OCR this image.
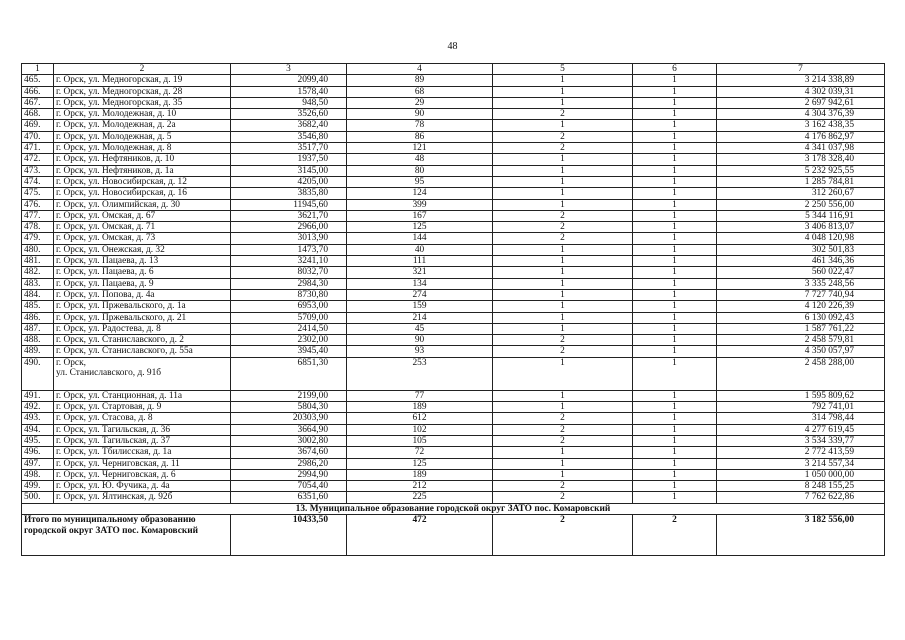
48
1	2	3	4	5	6	7
465.	г. Орск, ул. Медногорская, д. 19	2099,40	89	1	1	3 214 338,89
466.	г. Орск, ул. Медногорская, д. 28	1578,40	68	1	1	4 302 039,31
467.	г. Орск, ул. Медногорская, д. 35	948,50	29	1	1	2 697 942,61
468.	г. Орск, ул. Молодежная, д. 10	3526,60	90	2	1	4 304 376,39
469.	г. Орск, ул. Молодежная, д. 2а	3682,40	78	1	1	3 162 438,35
470.	г. Орск, ул. Молодежная, д. 5	3546,80	86	2	1	4 176 862,97
471.	г. Орск, ул. Молодежная, д. 8	3517,70	121	2	1	4 341 037,98
472.	г. Орск, ул. Нефтяников, д. 10	1937,50	48	1	1	3 178 328,40
473.	г. Орск, ул. Нефтяников, д. 1а	3145,00	80	1	1	5 232 925,55
474.	г. Орск, ул. Новосибирская, д. 12	4205,00	95	1	1	1 285 784,81
475.	г. Орск, ул. Новосибирская, д. 16	3835,80	124	1	1	312 260,67
476.	г. Орск, ул. Олимпийская, д. 30	11945,60	399	1	1	2 250 556,00
477.	г. Орск, ул. Омская, д. 67	3621,70	167	2	1	5 344 116,91
478.	г. Орск, ул. Омская, д. 71	2966,00	125	2	1	3 406 813,07
479.	г. Орск, ул. Омская, д. 73	3013,90	144	2	1	4 048 120,98
480.	г. Орск, ул. Онежская, д. 32	1473,70	40	1	1	302 501,83
481.	г. Орск, ул. Пацаева, д. 13	3241,10	111	1	1	461 346,36
482.	г. Орск, ул. Пацаева, д. 6	8032,70	321	1	1	560 022,47
483.	г. Орск, ул. Пацаева, д. 9	2984,30	134	1	1	3 335 248,56
484.	г. Орск, ул. Попова, д. 4а	8730,80	274	1	1	7 727 740,94
485.	г. Орск, ул. Пржевальского, д. 1а	6953,00	159	1	1	4 120 226,39
486.	г. Орск, ул. Пржевальского, д. 21	5709,00	214	1	1	6 130 092,43
487.	г. Орск, ул. Радостева, д. 8	2414,50	45	1	1	1 587 761,22
488.	г. Орск, ул. Станиславского, д. 2	2302,00	90	2	1	2 458 579,81
489.	г. Орск, ул. Станиславского, д. 55а	3945,40	93	2	1	4 350 057,97
490.	г. Орск,
ул. Станиславского, д. 91б	6851,30	253	1	1	2 458 288,00
491.	г. Орск, ул. Станционная, д. 11а	2199,00	77	1	1	1 595 809,62
492.	г. Орск, ул. Стартовая, д. 9	5804,30	189	1	1	792 741,01
493.	г. Орск, ул. Стасова, д. 8	20303,90	612	2	1	314 798,44
494.	г. Орск, ул. Тагильская, д. 36	3664,90	102	2	1	4 277 619,45
495.	г. Орск, ул. Тагильская, д. 37	3002,80	105	2	1	3 534 339,77
496.	г. Орск, ул. Тбилисская, д. 1а	3674,60	72	1	1	2 772 413,59
497.	г. Орск, ул. Черниговская, д. 11	2986,20	125	1	1	3 214 557,34
498.	г. Орск, ул. Черниговская, д. 6	2994,90	189	1	1	1 050 000,00
499.	г. Орск, ул. Ю. Фучика, д. 4а	7054,40	212	2	1	8 248 155,25
500.	г. Орск, ул. Ялтинская, д. 92б	6351,60	225	2	1	7 762 622,86
13. Муниципальное образование городской округ ЗАТО пос. Комаровский						
Итого по муниципальному образованию городской округ ЗАТО пос. Комаровский		10433,50	472	2	2	3 182 556,00
